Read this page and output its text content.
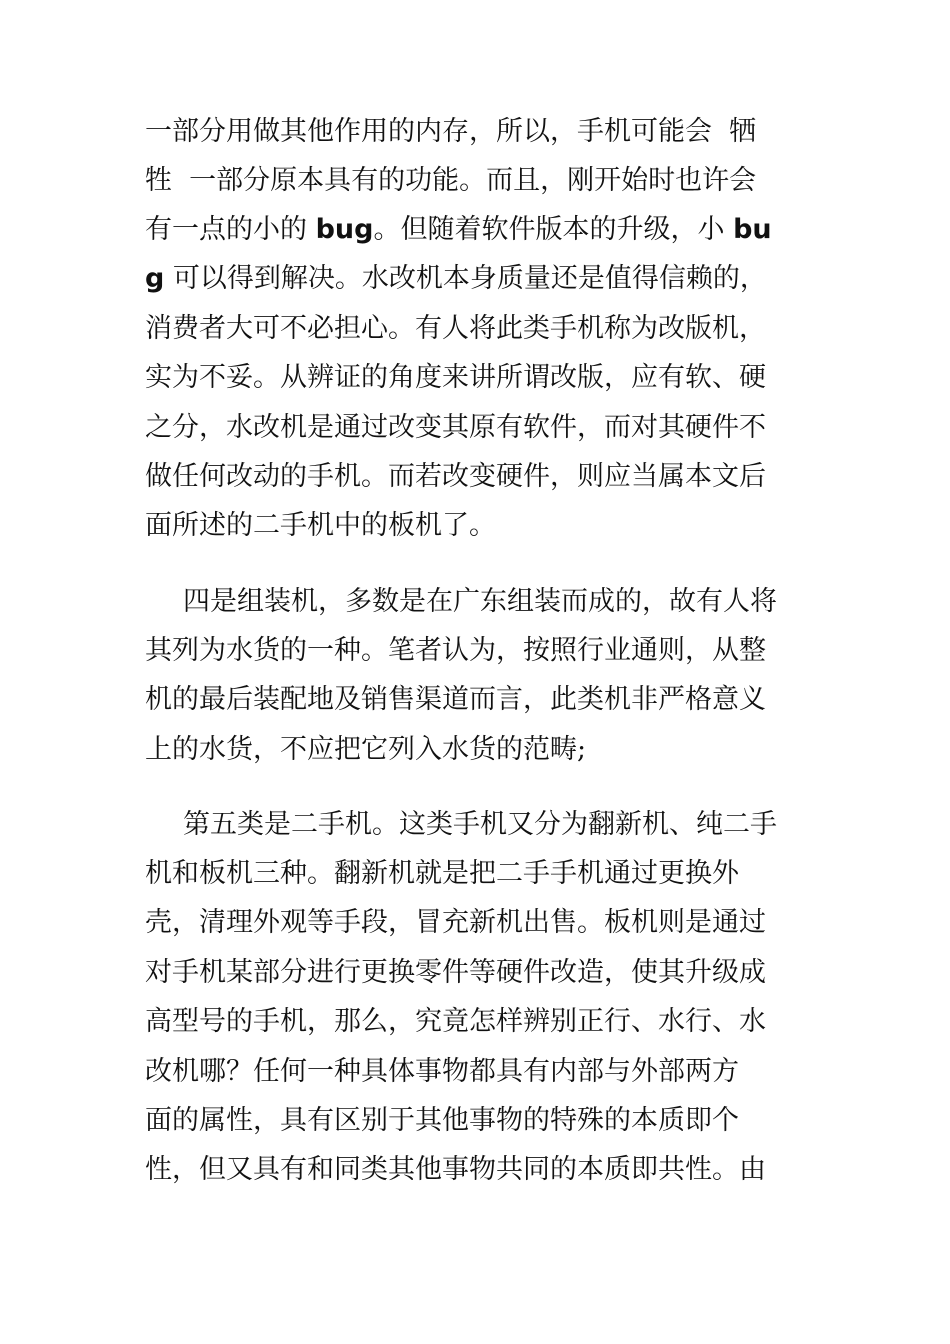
一部分用做其他作用的内存，所以，手机可能会  牺
牲  一部分原本具有的功能。而且，刚开始时也许会
有一点的小的 bug。但随着软件版本的升级，小 bu
g 可以得到解决。水改机本身质量还是值得信赖的，
消费者大可不必担心。有人将此类手机称为改版机，
实为不妥。从辨证的角度来讲所谓改版，应有软、硬
之分，水改机是通过改变其原有软件，而对其硬件不
做任何改动的手机。而若改变硬件，则应当属本文后
面所述的二手机中的板机了。
四是组装机，多数是在广东组装而成的，故有人将
其列为水货的一种。笔者认为，按照行业通则，从整
机的最后装配地及销售渠道而言，此类机非严格意义
上的水货，不应把它列入水货的范畴;
第五类是二手机。这类手机又分为翻新机、纯二手
机和板机三种。翻新机就是把二手手机通过更换外
壳，清理外观等手段，冒充新机出售。板机则是通过
对手机某部分进行更换零件等硬件改造，使其升级成
高型号的手机，那么，究竟怎样辨别正行、水行、水
改机哪？任何一种具体事物都具有内部与外部两方
面的属性，具有区别于其他事物的特殊的本质即个
性，但又具有和同类其他事物共同的本质即共性。由
